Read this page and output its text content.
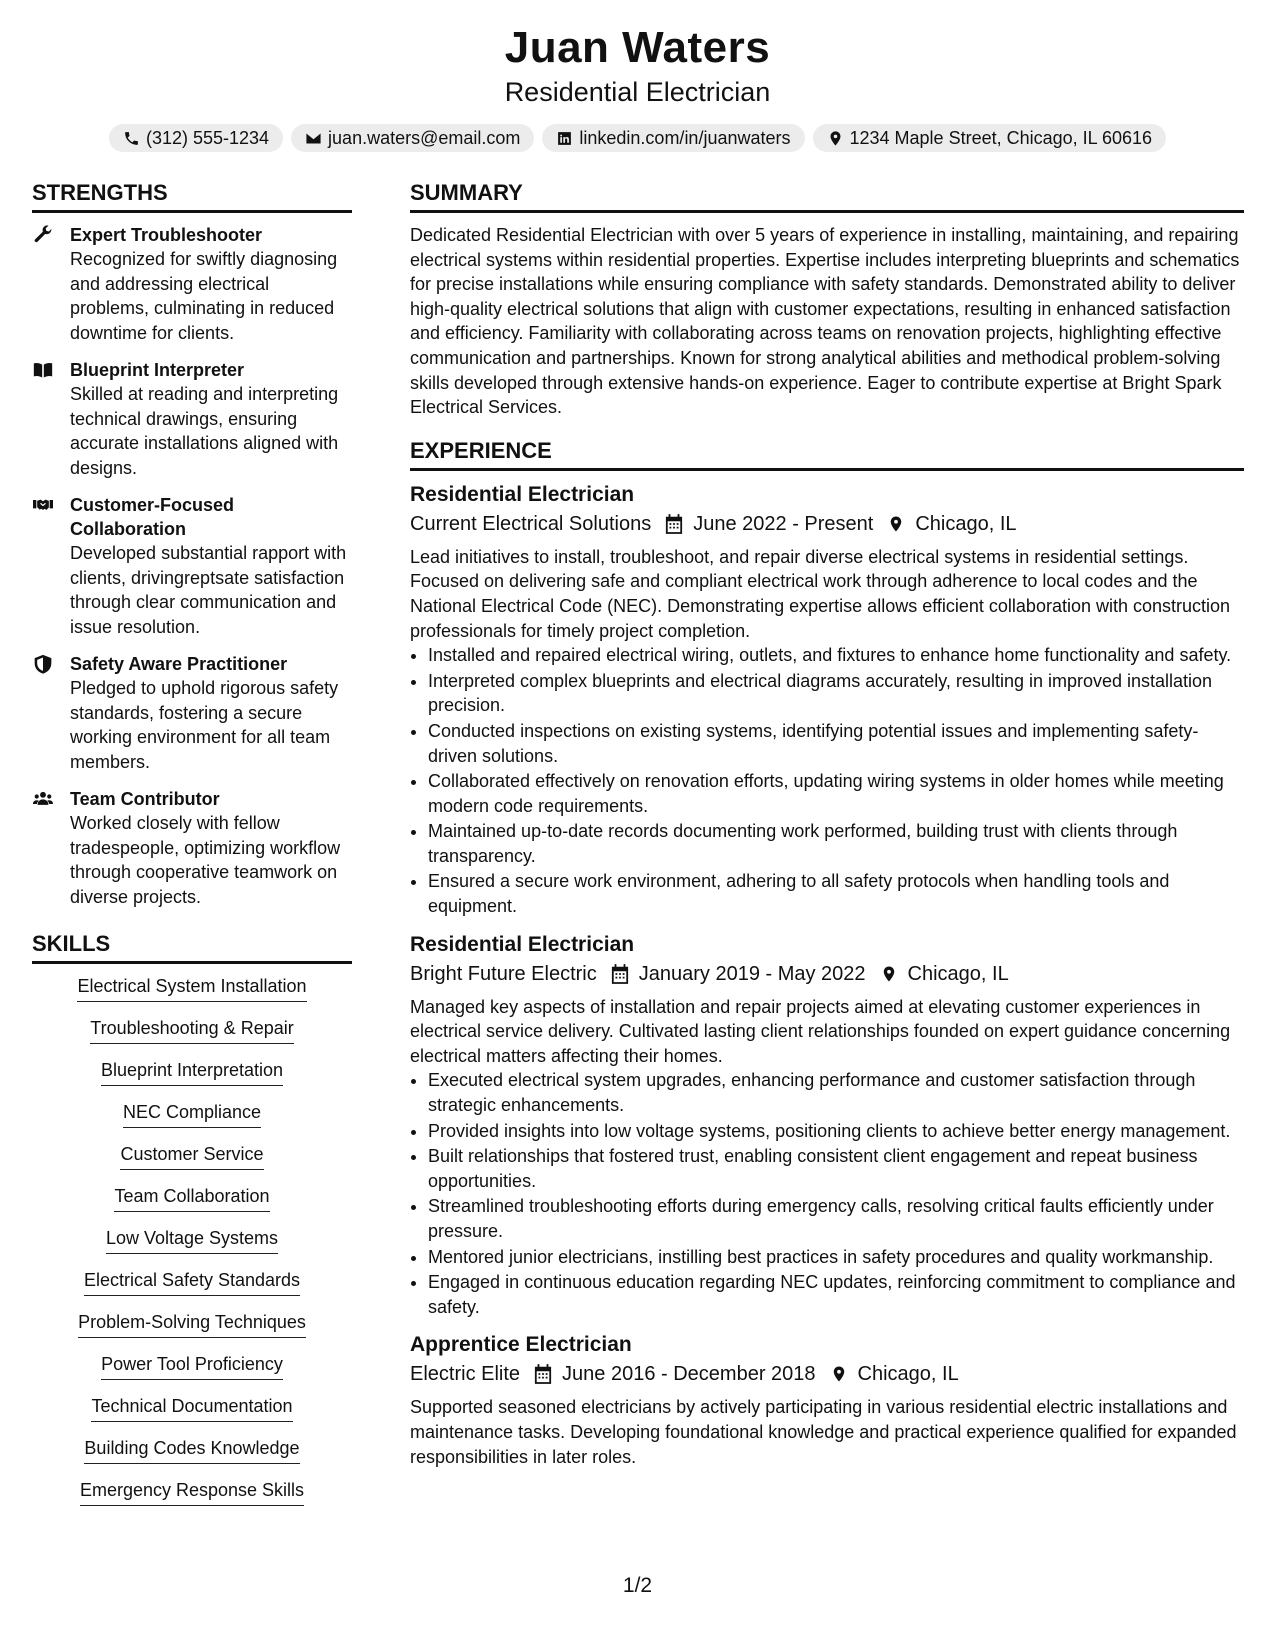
Juan Waters
Residential Electrician
(312) 555-1234	juan.waters@email.com	linkedin.com/in/juanwaters	1234 Maple Street, Chicago, IL 60616
STRENGTHS
Expert Troubleshooter
Recognized for swiftly diagnosing and addressing electrical problems, culminating in reduced downtime for clients.
Blueprint Interpreter
Skilled at reading and interpreting technical drawings, ensuring accurate installations aligned with designs.
Customer-Focused Collaboration
Developed substantial rapport with clients, drivingreptsate satisfaction through clear communication and issue resolution.
Safety Aware Practitioner
Pledged to uphold rigorous safety standards, fostering a secure working environment for all team members.
Team Contributor
Worked closely with fellow tradespeople, optimizing workflow through cooperative teamwork on diverse projects.
SKILLS
Electrical System Installation
Troubleshooting & Repair
Blueprint Interpretation
NEC Compliance
Customer Service
Team Collaboration
Low Voltage Systems
Electrical Safety Standards
Problem-Solving Techniques
Power Tool Proficiency
Technical Documentation
Building Codes Knowledge
Emergency Response Skills
SUMMARY
Dedicated Residential Electrician with over 5 years of experience in installing, maintaining, and repairing electrical systems within residential properties. Expertise includes interpreting blueprints and schematics for precise installations while ensuring compliance with safety standards. Demonstrated ability to deliver high-quality electrical solutions that align with customer expectations, resulting in enhanced satisfaction and efficiency. Familiarity with collaborating across teams on renovation projects, highlighting effective communication and partnerships. Known for strong analytical abilities and methodical problem-solving skills developed through extensive hands-on experience. Eager to contribute expertise at Bright Spark Electrical Services.
EXPERIENCE
Residential Electrician
Current Electrical Solutions June 2022 - Present Chicago, IL
Lead initiatives to install, troubleshoot, and repair diverse electrical systems in residential settings. Focused on delivering safe and compliant electrical work through adherence to local codes and the National Electrical Code (NEC). Demonstrating expertise allows efficient collaboration with construction professionals for timely project completion.
• Installed and repaired electrical wiring, outlets, and fixtures to enhance home functionality and safety.
• Interpreted complex blueprints and electrical diagrams accurately, resulting in improved installation precision.
• Conducted inspections on existing systems, identifying potential issues and implementing safety-driven solutions.
• Collaborated effectively on renovation efforts, updating wiring systems in older homes while meeting modern code requirements.
• Maintained up-to-date records documenting work performed, building trust with clients through transparency.
• Ensured a secure work environment, adhering to all safety protocols when handling tools and equipment.
Residential Electrician
Bright Future Electric January 2019 - May 2022 Chicago, IL
Managed key aspects of installation and repair projects aimed at elevating customer experiences in electrical service delivery. Cultivated lasting client relationships founded on expert guidance concerning electrical matters affecting their homes.
• Executed electrical system upgrades, enhancing performance and customer satisfaction through strategic enhancements.
• Provided insights into low voltage systems, positioning clients to achieve better energy management.
• Built relationships that fostered trust, enabling consistent client engagement and repeat business opportunities.
• Streamlined troubleshooting efforts during emergency calls, resolving critical faults efficiently under pressure.
• Mentored junior electricians, instilling best practices in safety procedures and quality workmanship.
• Engaged in continuous education regarding NEC updates, reinforcing commitment to compliance and safety.
Apprentice Electrician
Electric Elite June 2016 - December 2018 Chicago, IL
Supported seasoned electricians by actively participating in various residential electric installations and maintenance tasks. Developing foundational knowledge and practical experience qualified for expanded responsibilities in later roles.
1/2
